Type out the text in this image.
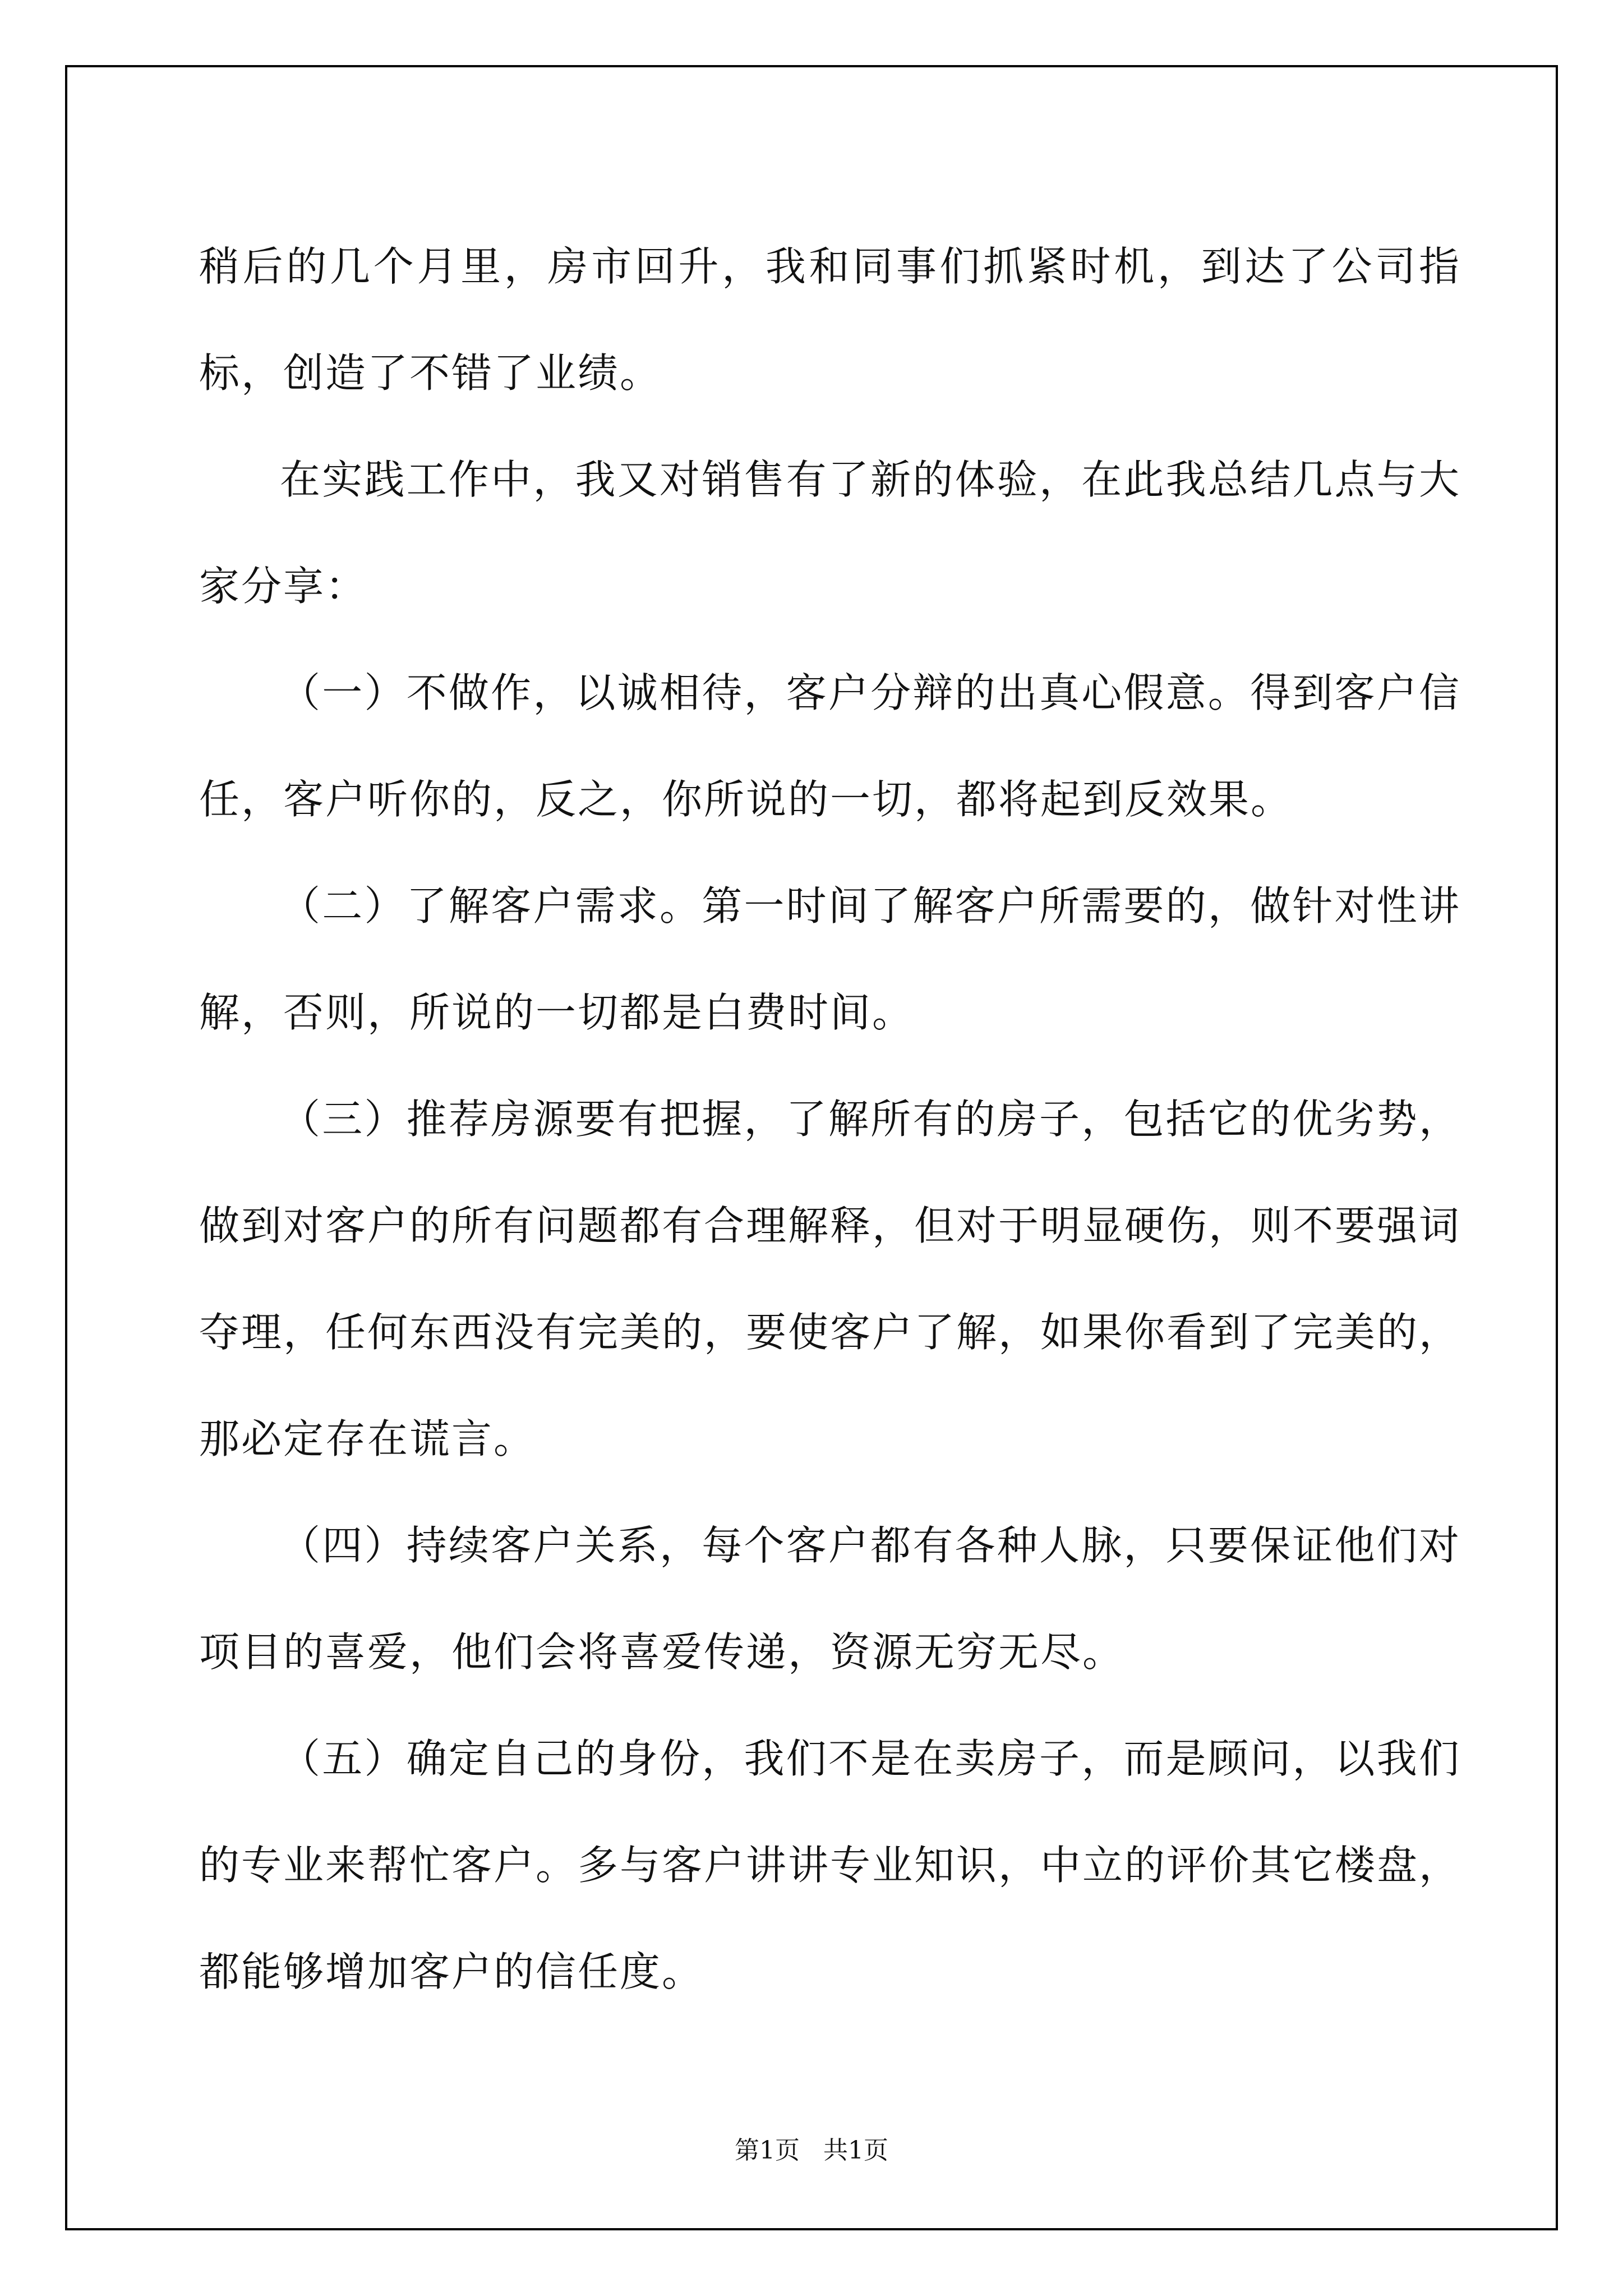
稍后的几个月里，房市回升，我和同事们抓紧时机，到达了公司指标，创造了不错了业绩。

在实践工作中，我又对销售有了新的体验，在此我总结几点与大家分享：

（一）不做作，以诚相待，客户分辩的出真心假意。得到客户信任，客户听你的，反之，你所说的一切，都将起到反效果。

（二）了解客户需求。第一时间了解客户所需要的，做针对性讲解，否则，所说的一切都是白费时间。

（三）推荐房源要有把握，了解所有的房子，包括它的优劣势，做到对客户的所有问题都有合理解释，但对于明显硬伤，则不要强词夺理，任何东西没有完美的，要使客户了解，如果你看到了完美的，那必定存在谎言。

（四）持续客户关系，每个客户都有各种人脉，只要保证他们对项目的喜爱，他们会将喜爱传递，资源无穷无尽。

（五）确定自己的身份，我们不是在卖房子，而是顾问，以我们的专业来帮忙客户。多与客户讲讲专业知识，中立的评价其它楼盘，都能够增加客户的信任度。

第1页   共1页
